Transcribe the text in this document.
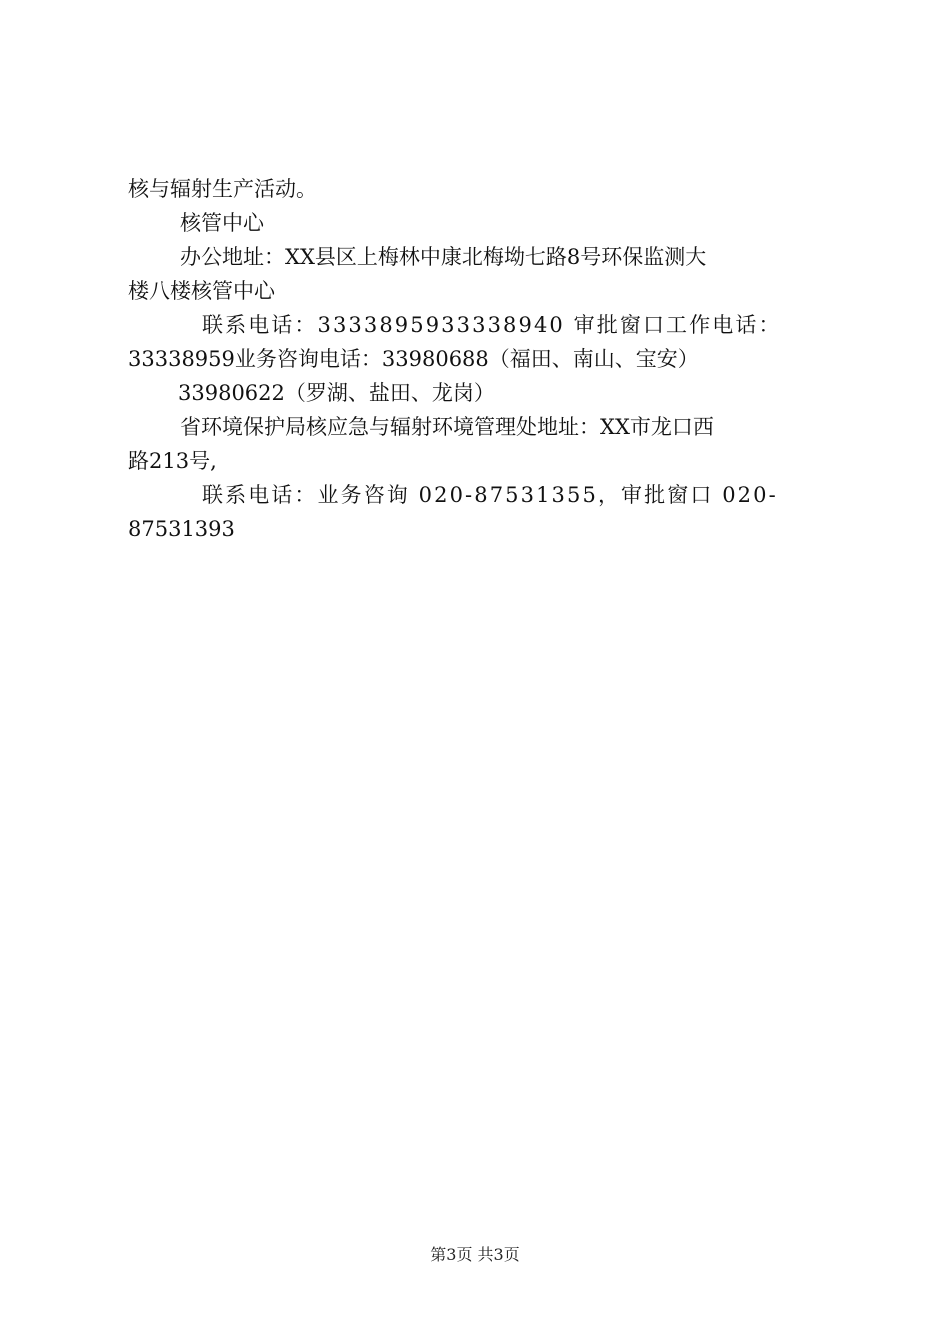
核与辐射生产活动。
核管中心
办公地址：XX县区上梅林中康北梅坳七路8号环保监测大
楼八楼核管中心
联系电话：3333895933338940 审批窗口工作电话：
33338959业务咨询电话：33980688（福田、南山、宝安）
33980622（罗湖、盐田、龙岗）
省环境保护局核应急与辐射环境管理处地址：XX市龙口西
路213号,
联系电话：业务咨询 020-87531355，审批窗口 020-
87531393
第3页 共3页
